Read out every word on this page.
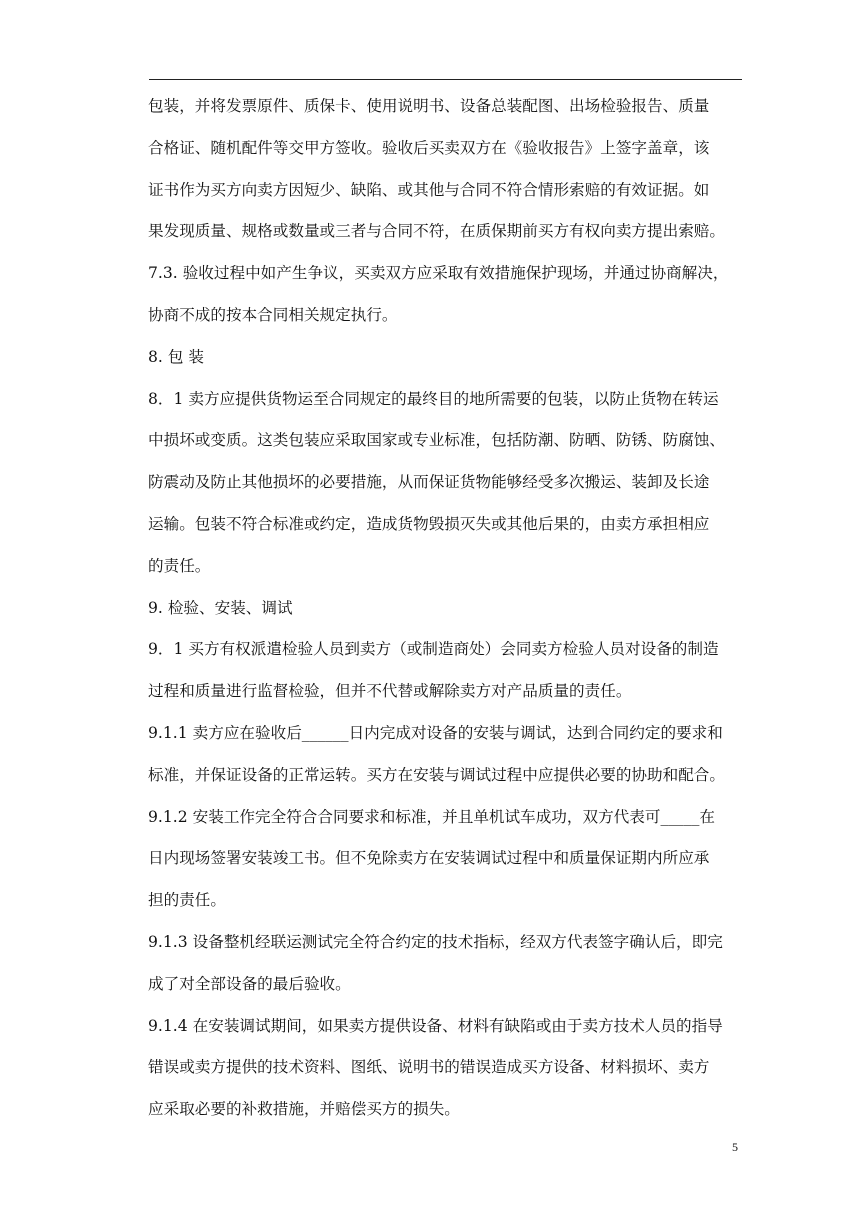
包装，并将发票原件、质保卡、使用说明书、设备总装配图、出场检验报告、质量
合格证、随机配件等交甲方签收。验收后买卖双方在《验收报告》上签字盖章，该
证书作为买方向卖方因短少、缺陷、或其他与合同不符合情形索赔的有效证据。如
果发现质量、规格或数量或三者与合同不符，在质保期前买方有权向卖方提出索赔。
7.3. 验收过程中如产生争议，买卖双方应采取有效措施保护现场，并通过协商解决，
协商不成的按本合同相关规定执行。
8. 包 装
8．1 卖方应提供货物运至合同规定的最终目的地所需要的包装，以防止货物在转运
中损坏或变质。这类包装应采取国家或专业标准，包括防潮、防晒、防锈、防腐蚀、
防震动及防止其他损坏的必要措施，从而保证货物能够经受多次搬运、装卸及长途
运输。包装不符合标准或约定，造成货物毁损灭失或其他后果的，由卖方承担相应
的责任。
9. 检验、安装、调试
9．1 买方有权派遣检验人员到卖方（或制造商处）会同卖方检验人员对设备的制造
过程和质量进行监督检验，但并不代替或解除卖方对产品质量的责任。
9.1.1 卖方应在验收后______日内完成对设备的安装与调试，达到合同约定的要求和
标准，并保证设备的正常运转。买方在安装与调试过程中应提供必要的协助和配合。
9.1.2 安装工作完全符合合同要求和标准，并且单机试车成功，双方代表可_____在
日内现场签署安装竣工书。但不免除卖方在安装调试过程中和质量保证期内所应承
担的责任。
9.1.3 设备整机经联运测试完全符合约定的技术指标，经双方代表签字确认后，即完
成了对全部设备的最后验收。
9.1.4 在安装调试期间，如果卖方提供设备、材料有缺陷或由于卖方技术人员的指导
错误或卖方提供的技术资料、图纸、说明书的错误造成买方设备、材料损坏、卖方
应采取必要的补救措施，并赔偿买方的损失。
5
